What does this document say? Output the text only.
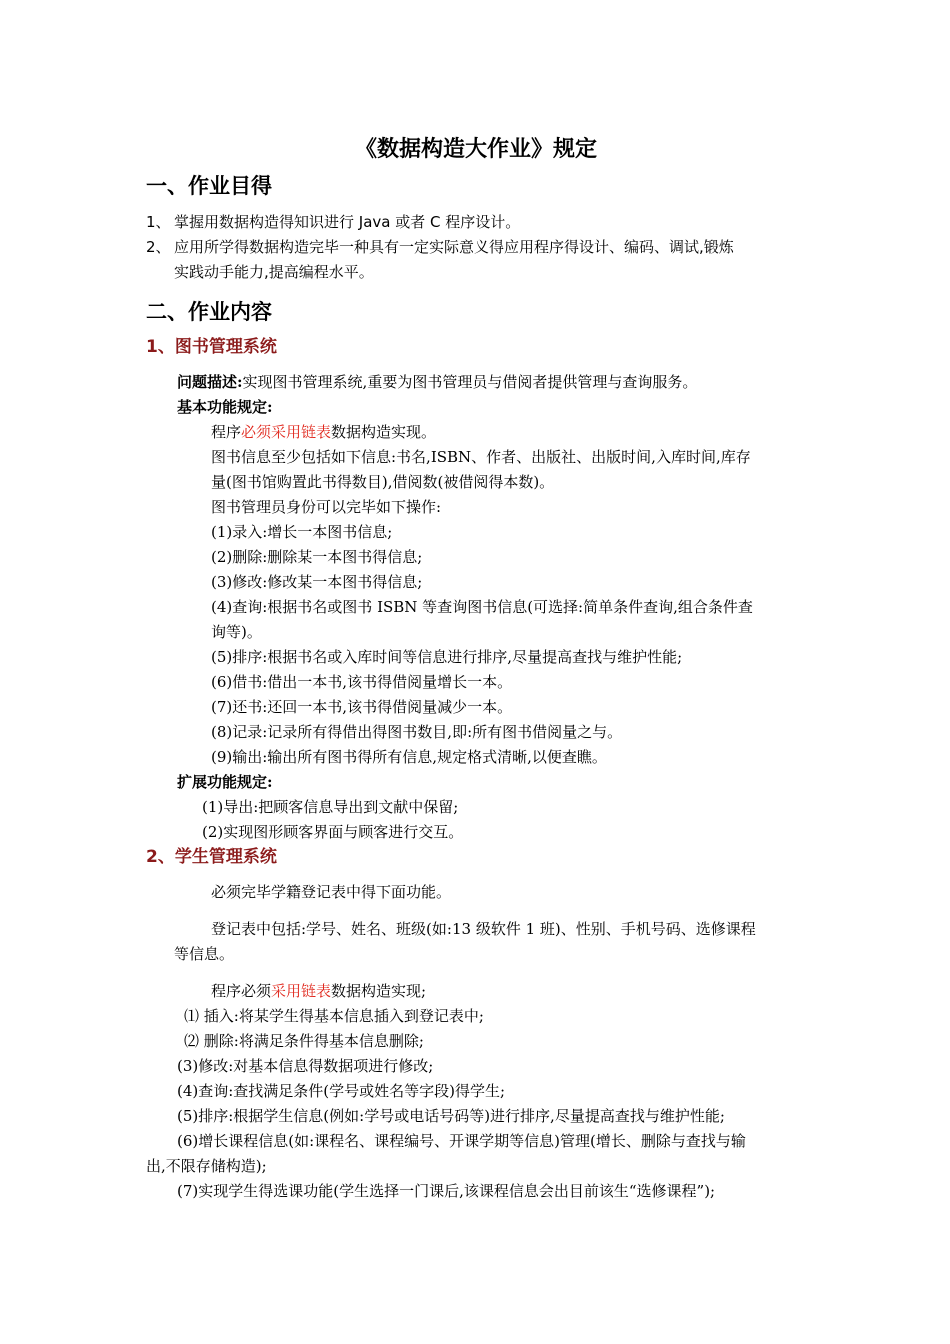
《数据构造大作业》规定
一、作业目得
1、 掌握用数据构造得知识进行 Java 或者 C 程序设计。
2、 应用所学得数据构造完毕一种具有一定实际意义得应用程序得设计、编码、调试,锻炼
实践动手能力,提高编程水平。
二、作业内容
1、图书管理系统
问题描述:实现图书管理系统,重要为图书管理员与借阅者提供管理与查询服务。
基本功能规定:
程序必须采用链表数据构造实现。
图书信息至少包括如下信息:书名,ISBN、作者、出版社、出版时间,入库时间,库存
量(图书馆购置此书得数目),借阅数(被借阅得本数)。
图书管理员身份可以完毕如下操作:
(1)录入:增长一本图书信息;
(2)删除:删除某一本图书得信息;
(3)修改:修改某一本图书得信息;
(4)查询:根据书名或图书 ISBN 等查询图书信息(可选择:简单条件查询,组合条件查
询等)。
(5)排序:根据书名或入库时间等信息进行排序,尽量提高查找与维护性能;
(6)借书:借出一本书,该书得借阅量增长一本。
(7)还书:还回一本书,该书得借阅量减少一本。
(8)记录:记录所有得借出得图书数目,即:所有图书借阅量之与。
(9)输出:输出所有图书得所有信息,规定格式清晰,以便查瞧。
扩展功能规定:
(1)导出:把顾客信息导出到文献中保留;
(2)实现图形顾客界面与顾客进行交互。
2、学生管理系统
必须完毕学籍登记表中得下面功能。
登记表中包括:学号、姓名、班级(如:13 级软件 1 班)、性别、手机号码、选修课程
等信息。
程序必须采用链表数据构造实现;
⑴ 插入:将某学生得基本信息插入到登记表中;
⑵ 删除:将满足条件得基本信息删除;
(3)修改:对基本信息得数据项进行修改;
(4)查询:查找满足条件(学号或姓名等字段)得学生;
(5)排序:根据学生信息(例如:学号或电话号码等)进行排序,尽量提高查找与维护性能;
(6)增长课程信息(如:课程名、课程编号、开课学期等信息)管理(增长、删除与查找与输
出,不限存储构造);
(7)实现学生得选课功能(学生选择一门课后,该课程信息会出目前该生“选修课程”);
